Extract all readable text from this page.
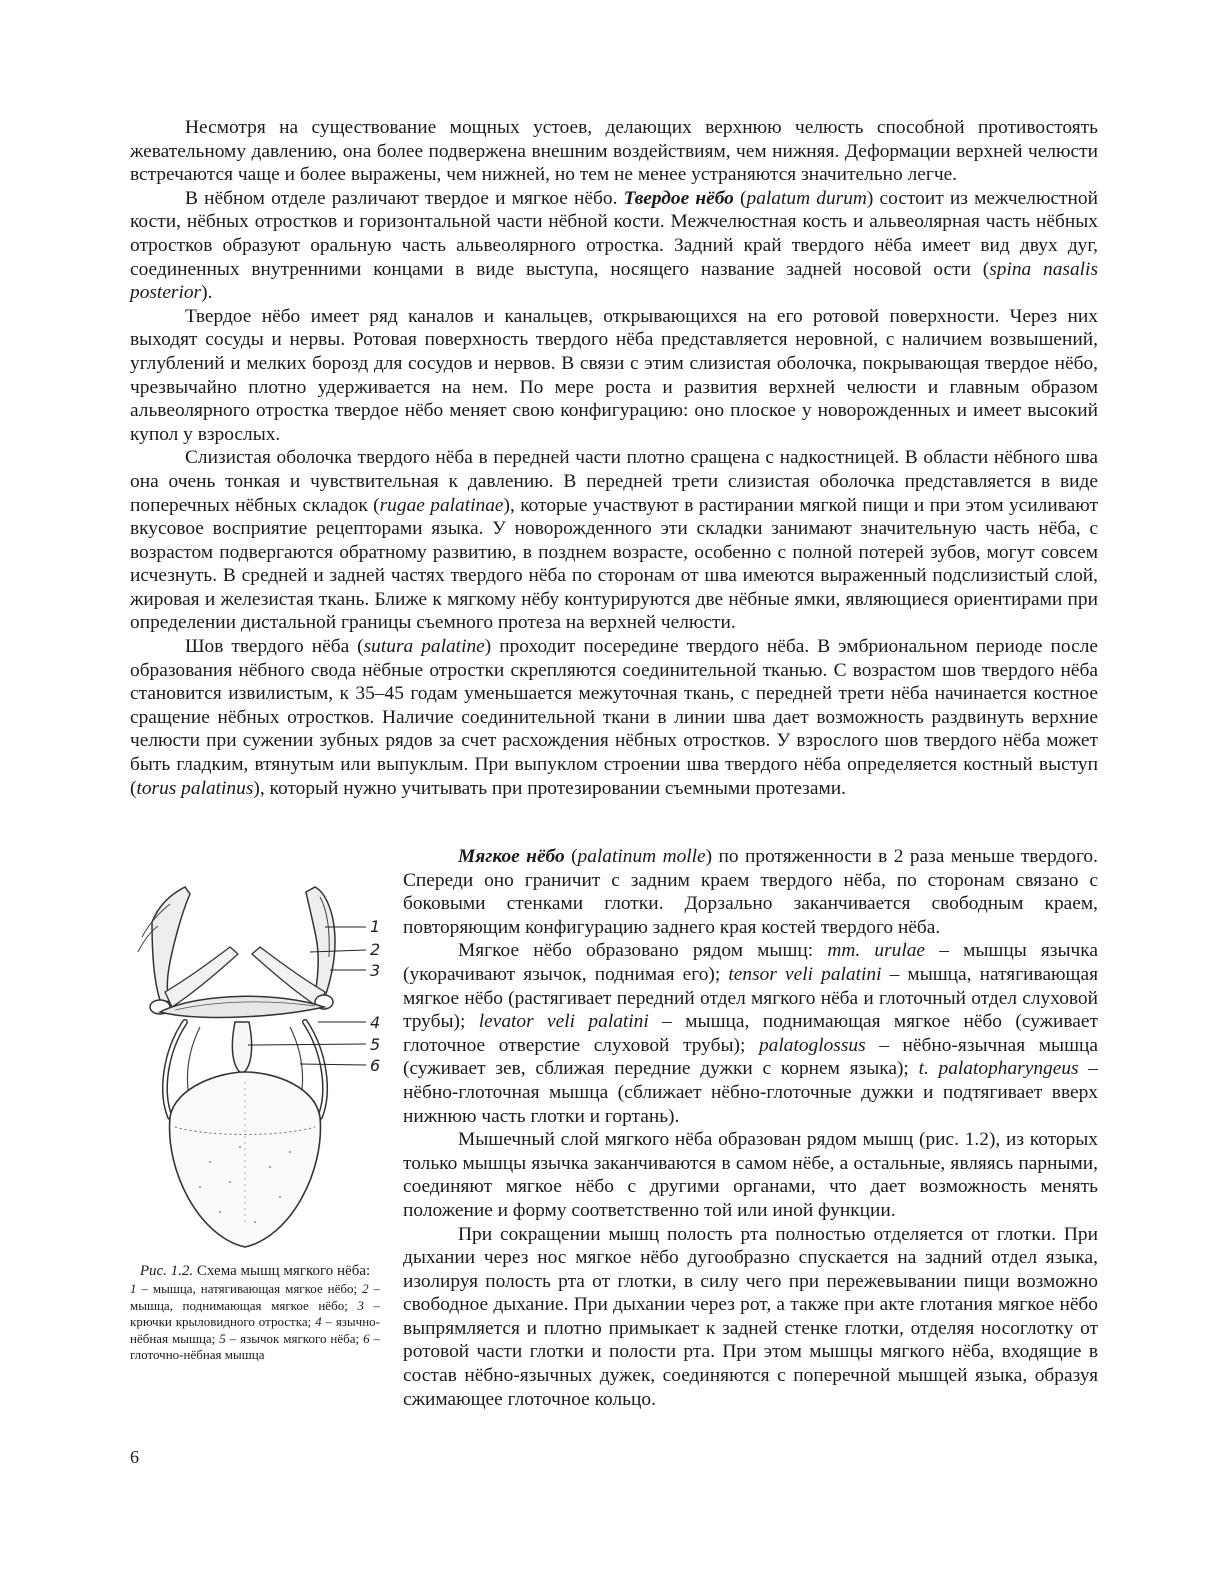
Несмотря на существование мощных устоев, делающих верхнюю челюсть способной противостоять жевательному давлению, она более подвержена внешним воздействиям, чем нижняя. Деформации верхней челюсти встречаются чаще и более выражены, чем нижней, но тем не менее устраняются значительно легче.

В нёбном отделе различают твердое и мягкое нёбо. Твердое нёбо (palatum durum) состоит из межчелюстной кости, нёбных отростков и горизонтальной части нёбной кости. Межчелюстная кость и альвеолярная часть нёбных отростков образуют оральную часть альвеолярного отростка. Задний край твердого нёба имеет вид двух дуг, соединенных внутренними концами в виде выступа, носящего название задней носовой ости (spina nasalis posterior).

Твердое нёбо имеет ряд каналов и канальцев, открывающихся на его ротовой поверхности. Через них выходят сосуды и нервы. Ротовая поверхность твердого нёба представляется неровной, с наличием возвышений, углублений и мелких борозд для сосудов и нервов. В связи с этим слизистая оболочка, покрывающая твердое нёбо, чрезвычайно плотно удерживается на нем. По мере роста и развития верхней челюсти и главным образом альвеолярного отростка твердое нёбо меняет свою конфигурацию: оно плоское у новорожденных и имеет высокий купол у взрослых.

Слизистая оболочка твердого нёба в передней части плотно сращена с надкостницей. В области нёбного шва она очень тонкая и чувствительная к давлению. В передней трети слизистая оболочка представляется в виде поперечных нёбных складок (rugae palatinae), которые участвуют в растирании мягкой пищи и при этом усиливают вкусовое восприятие рецепторами языка. У новорожденного эти складки занимают значительную часть нёба, с возрастом подвергаются обратному развитию, в позднем возрасте, особенно с полной потерей зубов, могут совсем исчезнуть. В средней и задней частях твердого нёба по сторонам от шва имеются выраженный подслизистый слой, жировая и железистая ткань. Ближе к мягкому нёбу контурируются две нёбные ямки, являющиеся ориентирами при определении дистальной границы съемного протеза на верхней челюсти.

Шов твердого нёба (sutura palatine) проходит посередине твердого нёба. В эмбриональном периоде после образования нёбного свода нёбные отростки скрепляются соединительной тканью. С возрастом шов твердого нёба становится извилистым, к 35–45 годам уменьшается межуточная ткань, с передней трети нёба начинается костное сращение нёбных отростков. Наличие соединительной ткани в линии шва дает возможность раздвинуть верхние челюсти при сужении зубных рядов за счет расхождения нёбных отростков. У взрослого шов твердого нёба может быть гладким, втянутым или выпуклым. При выпуклом строении шва твердого нёба определяется костный выступ (torus palatinus), который нужно учитывать при протезировании съемными протезами.

1
2
3
4
5
6
Рис. 1.2. Схема мышц мягкого нёба:
1 – мышца, натягивающая мягкое нёбо; 2 – мышца, поднимающая мягкое нёбо; 3 – крючки крыловидного отростка; 4 – язычно-нёбная мышца; 5 – язычок мягкого нёба; 6 – глоточно-нёбная мышца

Мягкое нёбо (palatinum molle) по протяженности в 2 раза меньше твердого. Спереди оно граничит с задним краем твердого нёба, по сторонам связано с боковыми стенками глотки. Дорзально заканчивается свободным краем, повторяющим конфигурацию заднего края костей твердого нёба.

Мягкое нёбо образовано рядом мышц: mm. urulae – мышцы язычка (укорачивают язычок, поднимая его); tensor veli palatini – мышца, натягивающая мягкое нёбо (растягивает передний отдел мягкого нёба и глоточный отдел слуховой трубы); levator veli palatini – мышца, поднимающая мягкое нёбо (суживает глоточное отверстие слуховой трубы); palatoglossus – нёбно-язычная мышца (суживает зев, сближая передние дужки с корнем языка); t. palatopharyngeus – нёбно-глоточная мышца (сближает нёбно-глоточные дужки и подтягивает вверх нижнюю часть глотки и гортань).

Мышечный слой мягкого нёба образован рядом мышц (рис. 1.2), из которых только мышцы язычка заканчиваются в самом нёбе, а остальные, являясь парными, соединяют мягкое нёбо с другими органами, что дает возможность менять положение и форму соответственно той или иной функции.

При сокращении мышц полость рта полностью отделяется от глотки. При дыхании через нос мягкое нёбо дугообразно спускается на задний отдел языка, изолируя полость рта от глотки, в силу чего при пережевывании пищи возможно свободное дыхание. При дыхании через рот, а также при акте глотания мягкое нёбо выпрямляется и плотно примыкает к задней стенке глотки, отделяя носоглотку от ротовой части глотки и полости рта. При этом мышцы мягкого нёба, входящие в состав нёбно-язычных дужек, соединяются с поперечной мышцей языка, образуя сжимающее глоточное кольцо.

6
